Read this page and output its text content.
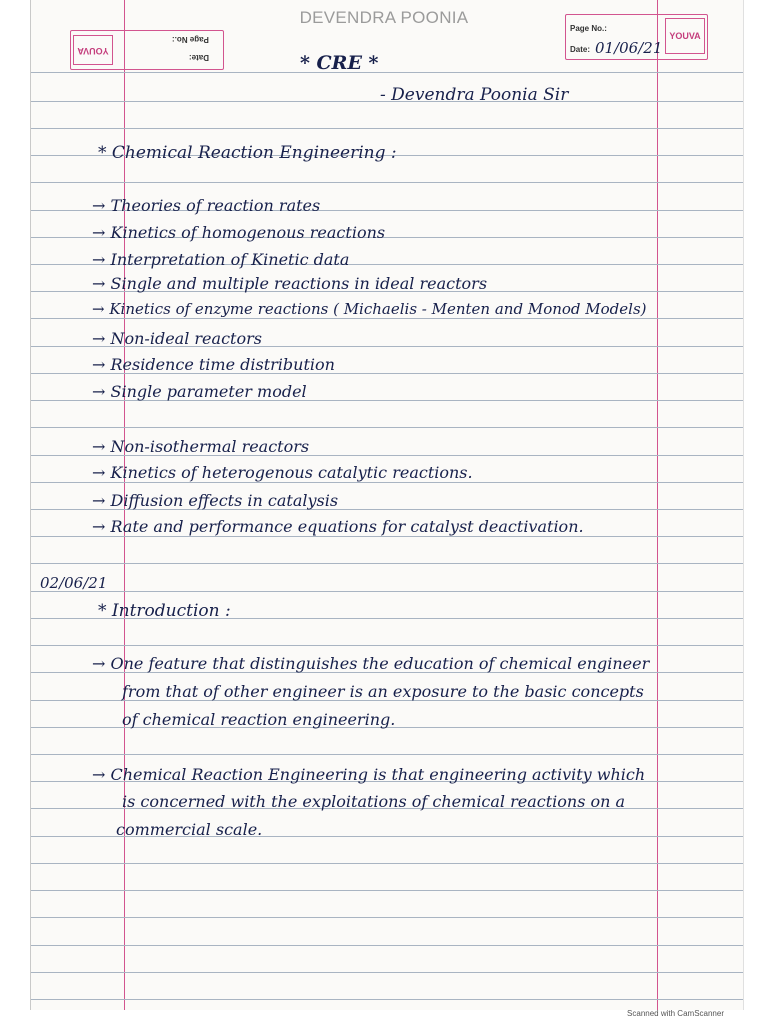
DEVENDRA POONIA
YOUVA
Page No.:
Date:
Page No.:
Date: 01/06/21
YOUVA
* CRE *
- Devendra Poonia Sir
* Chemical Reaction Engineering :
→ Theories of reaction rates
→ Kinetics of homogenous reactions
→ Interpretation of Kinetic data
→ Single and multiple reactions in ideal reactors
→ Kinetics of enzyme reactions ( Michaelis - Menten and Monod Models)
→ Non-ideal reactors
→ Residence time distribution
→ Single parameter model
→ Non-isothermal reactors
→ Kinetics of heterogenous catalytic reactions.
→ Diffusion effects in catalysis
→ Rate and performance equations for catalyst deactivation.
02/06/21
* Introduction :
→ One feature that distinguishes the education of chemical engineer
from that of other engineer is an exposure to the basic concepts
of chemical reaction engineering.
→ Chemical Reaction Engineering is that engineering activity which
is concerned with the exploitations of chemical reactions on a
commercial scale.
Scanned with CamScanner
